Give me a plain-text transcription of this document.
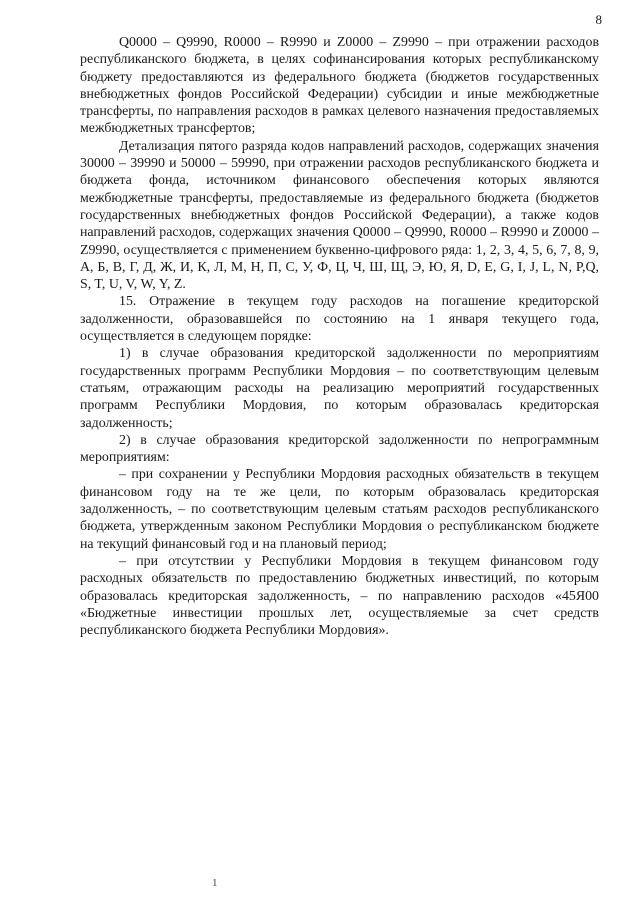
8

Q0000 – Q9990, R0000 – R9990 и Z0000 – Z9990 – при отражении расходов республиканского бюджета, в целях софинансирования которых республиканскому бюджету предоставляются из федерального бюджета (бюджетов государственных внебюджетных фондов Российской Федерации) субсидии и иные межбюджетные трансферты, по направления расходов в рамках целевого назначения предоставляемых межбюджетных трансфертов;

Детализация пятого разряда кодов направлений расходов, содержащих значения 30000 – 39990 и 50000 – 59990, при отражении расходов республиканского бюджета и бюджета фонда, источником финансового обеспечения которых являются межбюджетные трансферты, предоставляемые из федерального бюджета (бюджетов государственных внебюджетных фондов Российской Федерации), а также кодов направлений расходов, содержащих значения Q0000 – Q9990, R0000 – R9990 и Z0000 – Z9990, осуществляется с применением буквенно-цифрового ряда: 1, 2, 3, 4, 5, 6, 7, 8, 9, А, Б, В, Г, Д, Ж, И, К, Л, М, Н, П, С, У, Ф, Ц, Ч, Ш, Щ, Э, Ю, Я, D, E, G, I, J, L, N, P,Q, S, T, U, V, W, Y, Z.

15. Отражение в текущем году расходов на погашение кредиторской задолженности, образовавшейся по состоянию на 1 января текущего года, осуществляется в следующем порядке:

1) в случае образования кредиторской задолженности по мероприятиям государственных программ Республики Мордовия – по соответствующим целевым статьям, отражающим расходы на реализацию мероприятий государственных программ Республики Мордовия, по которым образовалась кредиторская задолженность;

2) в случае образования кредиторской задолженности по непрограммным мероприятиям:

– при сохранении у Республики Мордовия расходных обязательств в текущем финансовом году на те же цели, по которым образовалась кредиторская задолженность, – по соответствующим целевым статьям расходов республиканского бюджета, утвержденным законом Республики Мордовия о республиканском бюджете на текущий финансовый год и на плановый период;

– при отсутствии у Республики Мордовия в текущем финансовом году расходных обязательств по предоставлению бюджетных инвестиций, по которым образовалась кредиторская задолженность, – по направлению расходов «45Я00 «Бюджетные инвестиции прошлых лет, осуществляемые за счет средств республиканского бюджета Республики Мордовия».

1
